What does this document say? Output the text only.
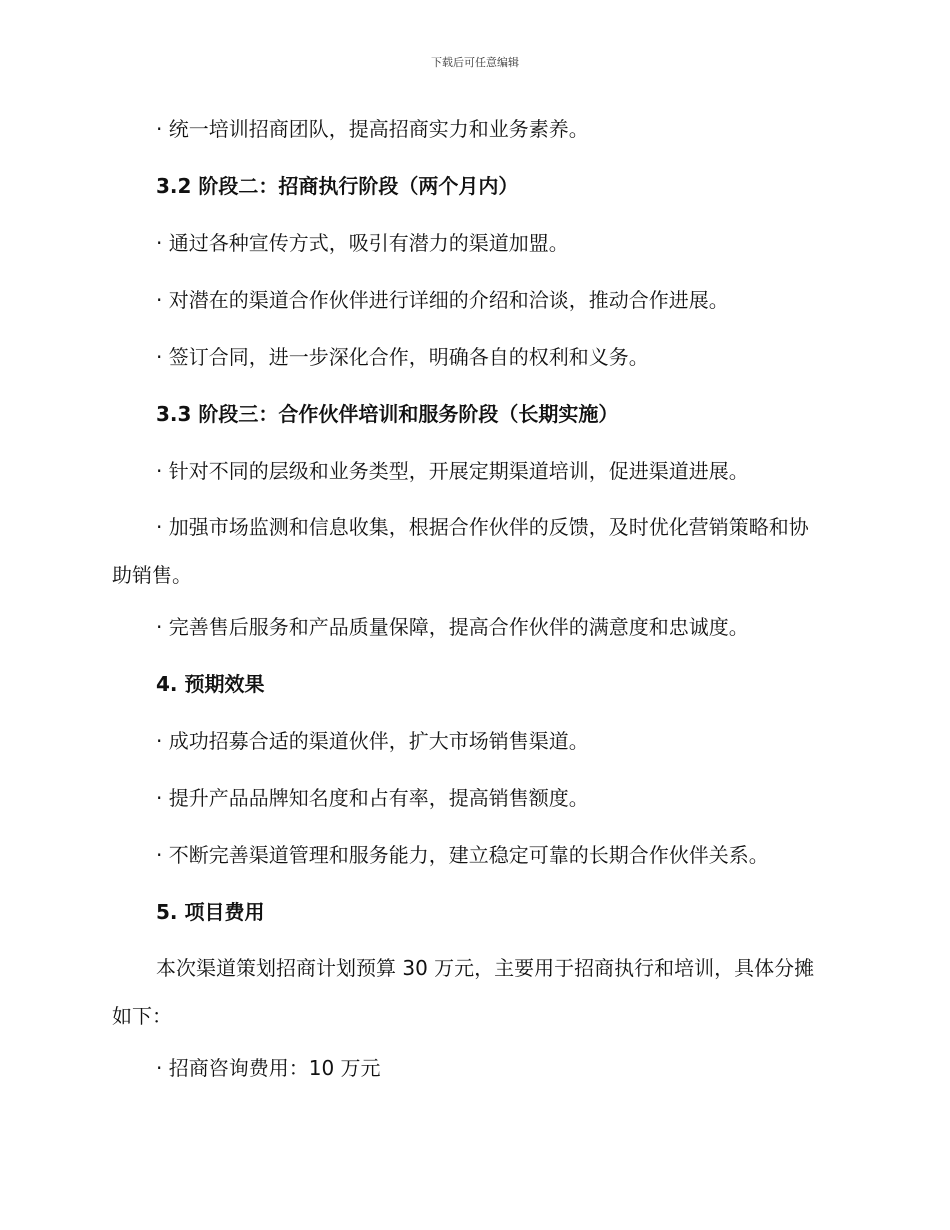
下载后可任意编辑
· 统一培训招商团队，提高招商实力和业务素养。
3.2 阶段二：招商执行阶段（两个月内）
· 通过各种宣传方式，吸引有潜力的渠道加盟。
· 对潜在的渠道合作伙伴进行详细的介绍和洽谈，推动合作进展。
· 签订合同，进一步深化合作，明确各自的权利和义务。
3.3 阶段三：合作伙伴培训和服务阶段（长期实施）
· 针对不同的层级和业务类型，开展定期渠道培训，促进渠道进展。
· 加强市场监测和信息收集，根据合作伙伴的反馈，及时优化营销策略和协助销售。
· 完善售后服务和产品质量保障，提高合作伙伴的满意度和忠诚度。
4. 预期效果
· 成功招募合适的渠道伙伴，扩大市场销售渠道。
· 提升产品品牌知名度和占有率，提高销售额度。
· 不断完善渠道管理和服务能力，建立稳定可靠的长期合作伙伴关系。
5. 项目费用
本次渠道策划招商计划预算 30 万元，主要用于招商执行和培训，具体分摊如下：
· 招商咨询费用：10 万元
